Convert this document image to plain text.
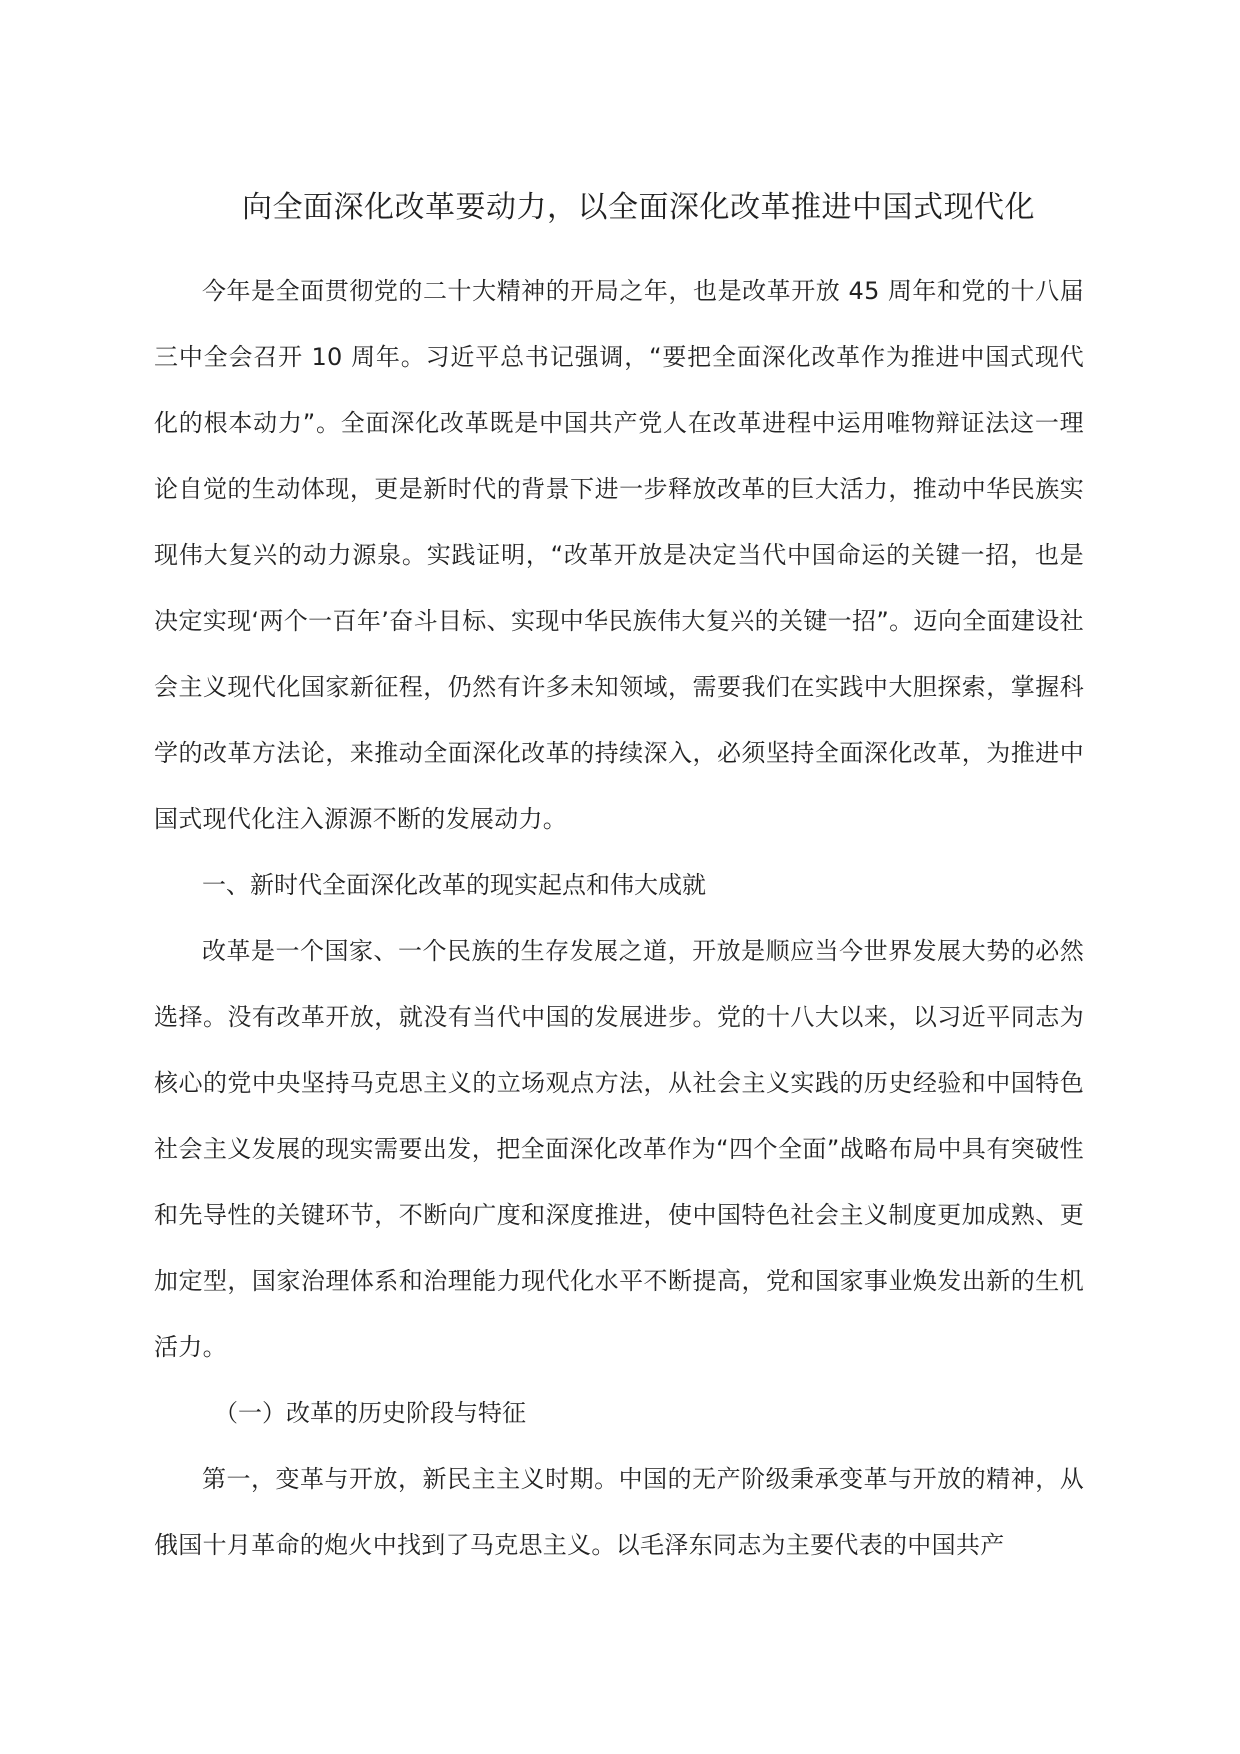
向全面深化改革要动力，以全面深化改革推进中国式现代化

今年是全面贯彻党的二十大精神的开局之年，也是改革开放 45 周年和党的十八届三中全会召开 10 周年。习近平总书记强调，“要把全面深化改革作为推进中国式现代化的根本动力”。全面深化改革既是中国共产党人在改革进程中运用唯物辩证法这一理论自觉的生动体现，更是新时代的背景下进一步释放改革的巨大活力，推动中华民族实现伟大复兴的动力源泉。实践证明，“改革开放是决定当代中国命运的关键一招，也是决定实现‘两个一百年’奋斗目标、实现中华民族伟大复兴的关键一招”。迈向全面建设社会主义现代化国家新征程，仍然有许多未知领域，需要我们在实践中大胆探索，掌握科学的改革方法论，来推动全面深化改革的持续深入，必须坚持全面深化改革，为推进中国式现代化注入源源不断的发展动力。

一、新时代全面深化改革的现实起点和伟大成就

改革是一个国家、一个民族的生存发展之道，开放是顺应当今世界发展大势的必然选择。没有改革开放，就没有当代中国的发展进步。党的十八大以来，以习近平同志为核心的党中央坚持马克思主义的立场观点方法，从社会主义实践的历史经验和中国特色社会主义发展的现实需要出发，把全面深化改革作为“四个全面”战略布局中具有突破性和先导性的关键环节，不断向广度和深度推进，使中国特色社会主义制度更加成熟、更加定型，国家治理体系和治理能力现代化水平不断提高，党和国家事业焕发出新的生机活力。

（一）改革的历史阶段与特征

第一，变革与开放，新民主主义时期。中国的无产阶级秉承变革与开放的精神，从俄国十月革命的炮火中找到了马克思主义。以毛泽东同志为主要代表的中国共产
